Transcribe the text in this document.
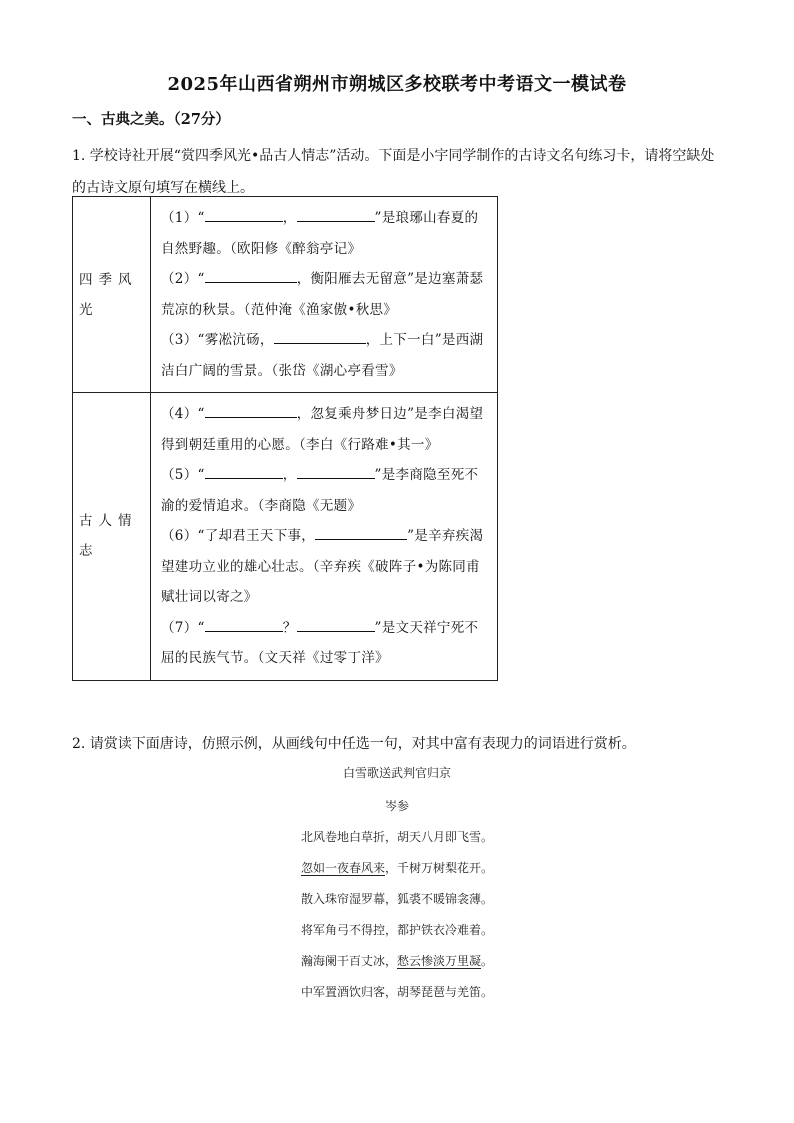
2025年山西省朔州市朔城区多校联考中考语文一模试卷
一、古典之美。（27分）
1. 学校诗社开展“赏四季风光•品古人情志”活动。下面是小宇同学制作的古诗文名句练习卡，请将空缺处的古诗文原句填写在横线上。
四季风光	（1）“ ， ”是琅琊山春夏的自然野趣。（欧阳修《醉翁亭记》
（2）“ ，衡阳雁去无留意”是边塞萧瑟荒凉的秋景。（范仲淹《渔家傲•秋思》
（3）“雾凇沆砀， ，上下一白”是西湖洁白广阔的雪景。（张岱《湖心亭看雪》

古人情志	（4）“ ，忽复乘舟梦日边”是李白渴望得到朝廷重用的心愿。（李白《行路难•其一》
（5）“ ， ”是李商隐至死不渝的爱情追求。（李商隐《无题》
（6）“了却君王天下事， ”是辛弃疾渴望建功立业的雄心壮志。（辛弃疾《破阵子•为陈同甫赋壮词以寄之》
（7）“ ？ ”是文天祥宁死不屈的民族气节。（文天祥《过零丁洋》
2. 请赏读下面唐诗，仿照示例，从画线句中任选一句，对其中富有表现力的词语进行赏析。
白雪歌送武判官归京
岑参
北风卷地白草折，胡天八月即飞雪。
忽如一夜春风来，千树万树梨花开。
散入珠帘湿罗幕，狐裘不暖锦衾薄。
将军角弓不得控，都护铁衣冷难着。
瀚海阑干百丈冰，愁云惨淡万里凝。
中军置酒饮归客，胡琴琵琶与羌笛。
